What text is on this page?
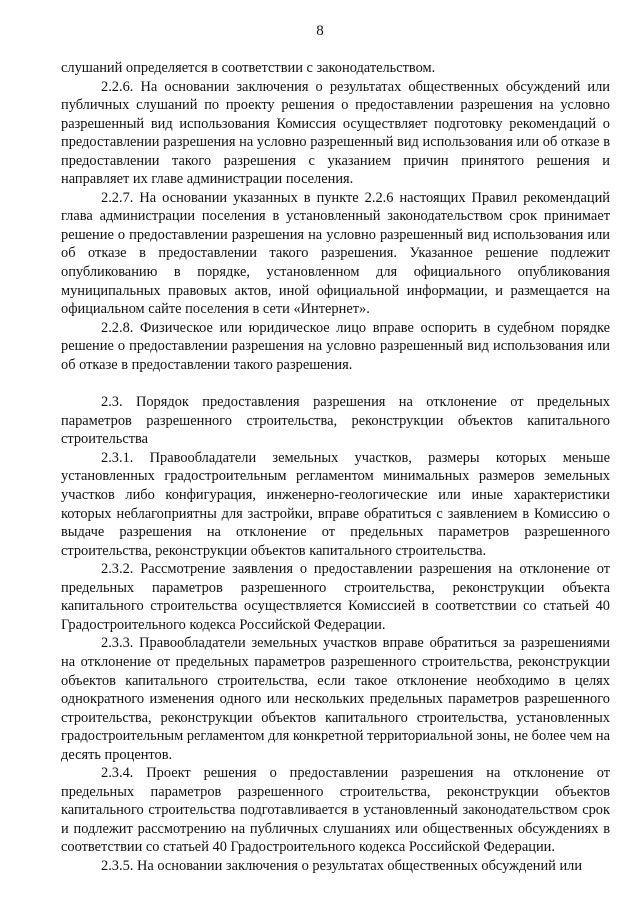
8

слушаний определяется в соответствии с законодательством.

2.2.6. На основании заключения о результатах общественных обсуждений или публичных слушаний по проекту решения о предоставлении разрешения на условно разрешенный вид использования Комиссия осуществляет подготовку рекомендаций о предоставлении разрешения на условно разрешенный вид использования или об отказе в предоставлении такого разрешения с указанием причин принятого решения и направляет их главе администрации поселения.

2.2.7. На основании указанных в пункте 2.2.6 настоящих Правил рекомендаций глава администрации поселения в установленный законодательством срок принимает решение о предоставлении разрешения на условно разрешенный вид использования или об отказе в предоставлении такого разрешения. Указанное решение подлежит опубликованию в порядке, установленном для официального опубликования муниципальных правовых актов, иной официальной информации, и размещается на официальном сайте поселения в сети «Интернет».

2.2.8. Физическое или юридическое лицо вправе оспорить в судебном порядке решение о предоставлении разрешения на условно разрешенный вид использования или об отказе в предоставлении такого разрешения.

2.3. Порядок предоставления разрешения на отклонение от предельных параметров разрешенного строительства, реконструкции объектов капитального строительства

2.3.1. Правообладатели земельных участков, размеры которых меньше установленных градостроительным регламентом минимальных размеров земельных участков либо конфигурация, инженерно-геологические или иные характеристики которых неблагоприятны для застройки, вправе обратиться с заявлением в Комиссию о выдаче разрешения на отклонение от предельных параметров разрешенного строительства, реконструкции объектов капитального строительства.

2.3.2. Рассмотрение заявления о предоставлении разрешения на отклонение от предельных параметров разрешенного строительства, реконструкции объекта капитального строительства осуществляется Комиссией в соответствии со статьей 40 Градостроительного кодекса Российской Федерации.

2.3.3. Правообладатели земельных участков вправе обратиться за разрешениями на отклонение от предельных параметров разрешенного строительства, реконструкции объектов капитального строительства, если такое отклонение необходимо в целях однократного изменения одного или нескольких предельных параметров разрешенного строительства, реконструкции объектов капитального строительства, установленных градостроительным регламентом для конкретной территориальной зоны, не более чем на десять процентов.

2.3.4. Проект решения о предоставлении разрешения на отклонение от предельных параметров разрешенного строительства, реконструкции объектов капитального строительства подготавливается в установленный законодательством срок и подлежит рассмотрению на публичных слушаниях или общественных обсуждениях в соответствии со статьей 40 Градостроительного кодекса Российской Федерации.

2.3.5. На основании заключения о результатах общественных обсуждений или
